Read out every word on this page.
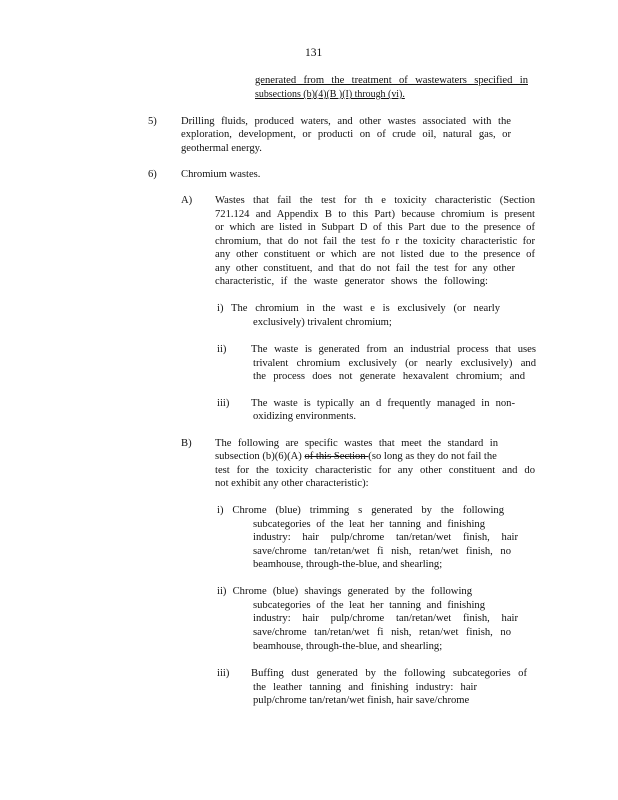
131
generated from the treatment of wastewaters specified in
subsections (b)(4)(B )(I) through (vi).
5) Drilling fluids, produced waters, and other wastes associated with the
exploration, development, or producti on of crude oil, natural gas, or
geothermal energy.
6) Chromium wastes.
A) Wastes that fail the test for th e toxicity characteristic (Section
721.124 and Appendix B to this Part) because chromium is present
or which are listed in Subpart D of this Part due to the presence of
chromium, that do not fail the test fo r the toxicity characteristic for
any other constituent or which are not listed due to the presence of
any other constituent, and that do not fail the test for any other
characteristic, if the waste generator shows the following:
i) The chromium in the wast e is exclusively (or nearly
exclusively) trivalent chromium;
ii) The waste is generated from an industrial process that uses
trivalent chromium exclusively (or nearly exclusively) and
the process does not generate hexavalent chromium; and
iii) The waste is typically an d frequently managed in non-
oxidizing environments.
B) The following are specific wastes that meet the standard in
subsection (b)(6)(A) of this Section (so long as they do not fail the
test for the toxicity characteristic for any other constituent and do
not exhibit any other characteristic):
i) Chrome (blue) trimming s generated by the following
subcategories of the leat her tanning and finishing
industry: hair pulp/chrome tan/retan/wet finish, hair
save/chrome tan/retan/wet fi nish, retan/wet finish, no
beamhouse, through-the-blue, and shearling;
ii) Chrome (blue) shavings generated by the following
subcategories of the leat her tanning and finishing
industry: hair pulp/chrome tan/retan/wet finish, hair
save/chrome tan/retan/wet fi nish, retan/wet finish, no
beamhouse, through-the-blue, and shearling;
iii) Buffing dust generated by the following subcategories of
the leather tanning and finishing industry: hair
pulp/chrome tan/retan/wet finish, hair save/chrome
